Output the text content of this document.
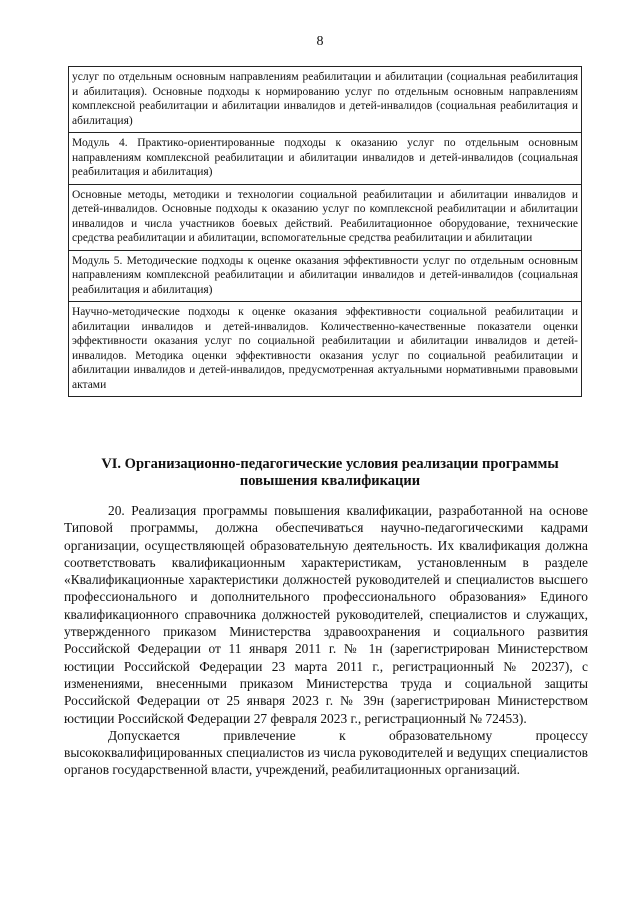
8
услуг по отдельным основным направлениям реабилитации и абилитации (социальная реабилитация и абилитация). Основные подходы к нормированию услуг по отдельным основным направлениям комплексной реабилитации и абилитации инвалидов и детей-инвалидов (социальная реабилитация и абилитация)
Модуль 4. Практико-ориентированные подходы к оказанию услуг по отдельным основным направлениям комплексной реабилитации и абилитации инвалидов и детей-инвалидов (социальная реабилитация и абилитация)
Основные методы, методики и технологии социальной реабилитации и абилитации инвалидов и детей-инвалидов. Основные подходы к оказанию услуг по комплексной реабилитации и абилитации инвалидов и числа участников боевых действий. Реабилитационное оборудование, технические средства реабилитации и абилитации, вспомогательные средства реабилитации и абилитации
Модуль 5. Методические подходы к оценке оказания эффективности услуг по отдельным основным направлениям комплексной реабилитации и абилитации инвалидов и детей-инвалидов (социальная реабилитация и абилитация)
Научно-методические подходы к оценке оказания эффективности социальной реабилитации и абилитации инвалидов и детей-инвалидов. Количественно-качественные показатели оценки эффективности оказания услуг по социальной реабилитации и абилитации инвалидов и детей-инвалидов. Методика оценки эффективности оказания услуг по социальной реабилитации и абилитации инвалидов и детей-инвалидов, предусмотренная актуальными нормативными правовыми актами
VI. Организационно-педагогические условия реализации программы
повышения квалификации

20. Реализация программы повышения квалификации, разработанной на основе Типовой программы, должна обеспечиваться научно-педагогическими кадрами организации, осуществляющей образовательную деятельность. Их квалификация должна соответствовать квалификационным характеристикам, установленным в разделе «Квалификационные характеристики должностей руководителей и специалистов высшего профессионального и дополнительного профессионального образования» Единого квалификационного справочника должностей руководителей, специалистов и служащих, утвержденного приказом Министерства здравоохранения и социального развития Российской Федерации от 11 января 2011 г. № 1н (зарегистрирован Министерством юстиции Российской Федерации 23 марта 2011 г., регистрационный № 20237), с изменениями, внесенными приказом Министерства труда и социальной защиты Российской Федерации от 25 января 2023 г. № 39н (зарегистрирован Министерством юстиции Российской Федерации 27 февраля 2023 г., регистрационный № 72453).

Допускается привлечение к образовательному процессу высококвалифицированных специалистов из числа руководителей и ведущих специалистов органов государственной власти, учреждений, реабилитационных организаций.
